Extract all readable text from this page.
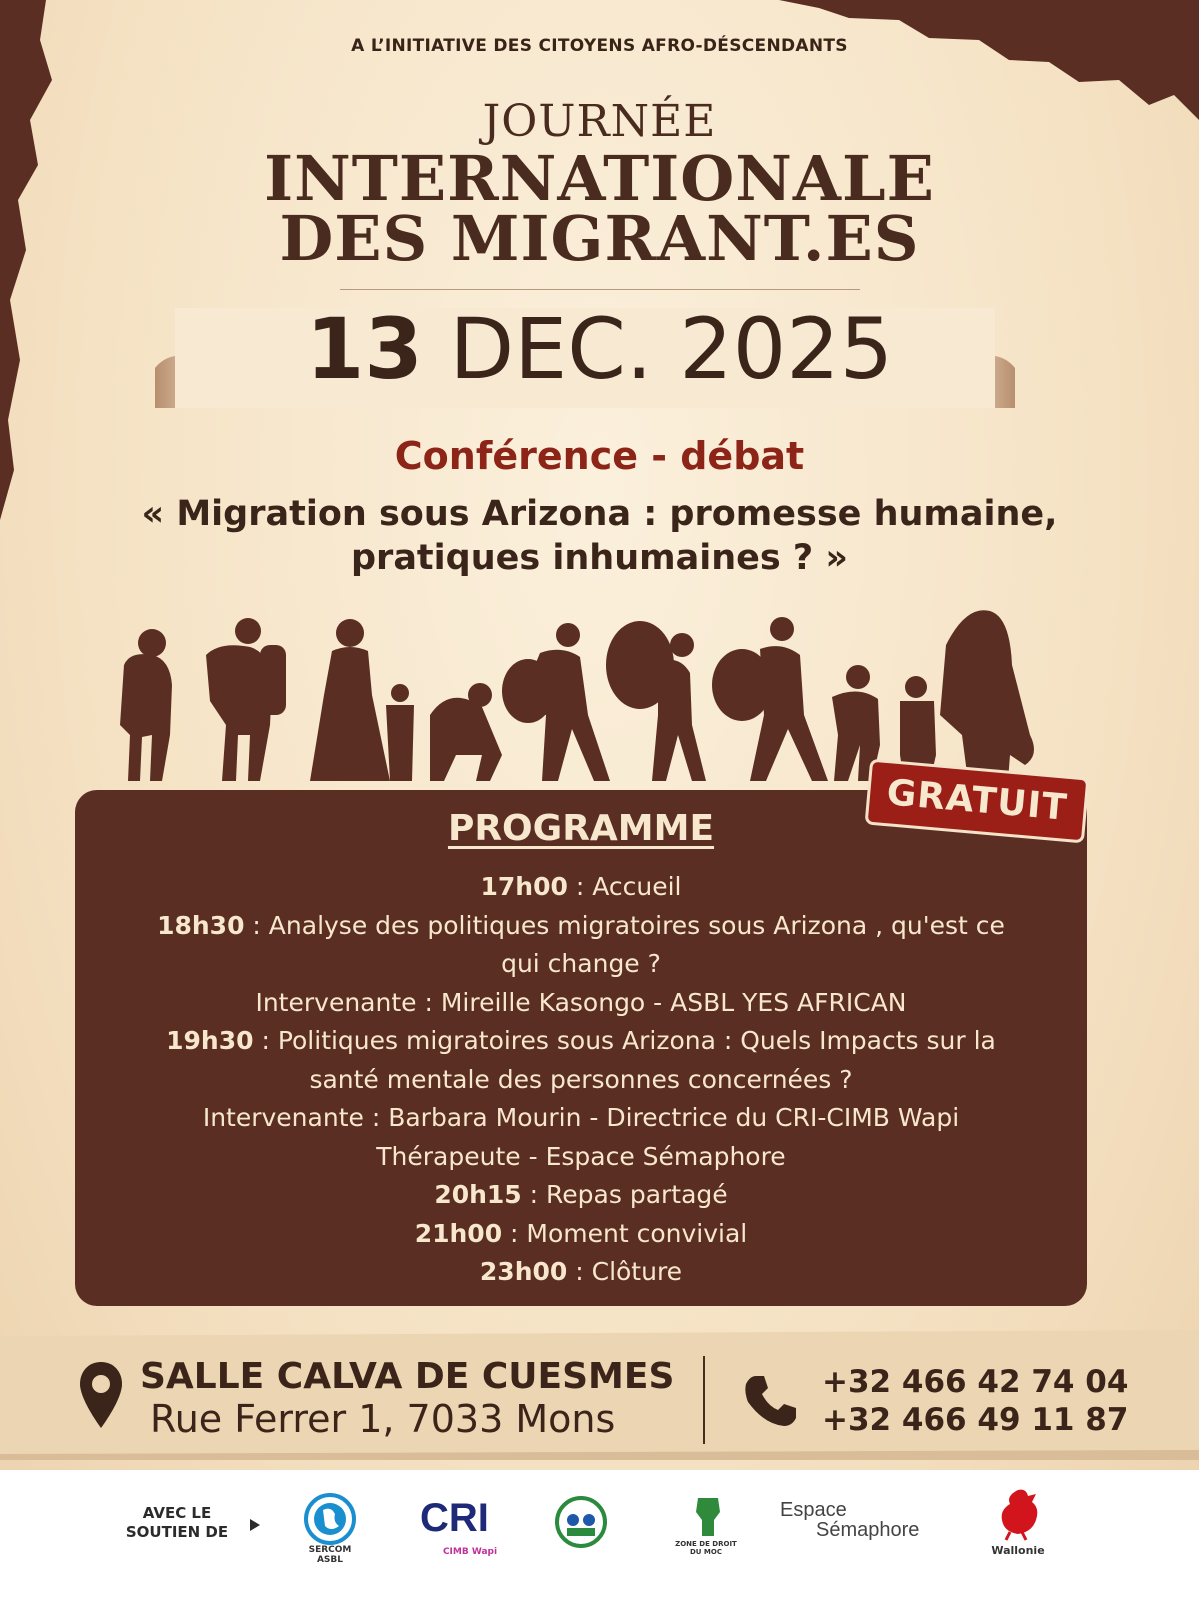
A L’INITIATIVE DES CITOYENS AFRO-DÉSCENDANTS
JOURNÉE
INTERNATIONALE
DES MIGRANT.ES
13 DEC. 2025
Conférence - débat
« Migration sous Arizona : promesse humaine,
pratiques inhumaines ? »
PROGRAMME	GRATUIT
17h00 : Accueil
18h30 : Analyse des politiques migratoires sous Arizona , qu'est ce
qui change ?
Intervenante : Mireille Kasongo - ASBL YES AFRICAN
19h30 : Politiques migratoires sous Arizona : Quels Impacts sur la
santé mentale des personnes concernées ?
Intervenante : Barbara Mourin - Directrice du CRI-CIMB Wapi
Thérapeute - Espace Sémaphore
20h15 : Repas partagé
21h00 : Moment convivial
23h00 : Clôture
SALLE CALVA DE CUESMES
Rue Ferrer 1, 7033 Mons
+32 466 42 74 04
+32 466 49 11 87
AVEC LE
SOUTIEN DE
SERCOM
ASBL
CRI
CIMB Wapi
ZONE DE DROIT
DU MOC
Espace
Sémaphore
Wallonie
